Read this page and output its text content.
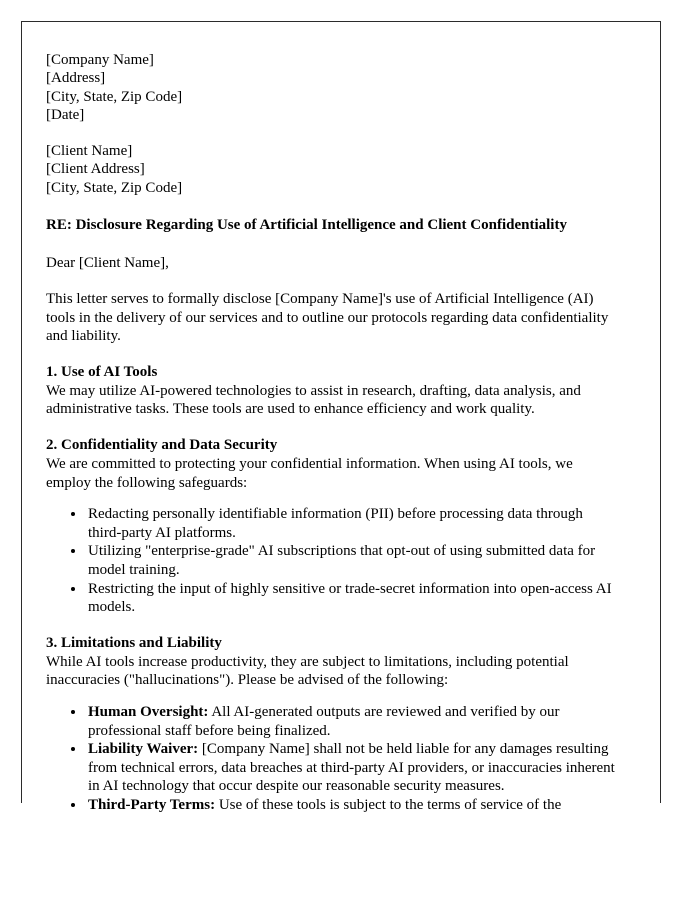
[Company Name]
[Address]
[City, State, Zip Code]
[Date]
[Client Name]
[Client Address]
[City, State, Zip Code]
RE: Disclosure Regarding Use of Artificial Intelligence and Client Confidentiality
Dear [Client Name],
This letter serves to formally disclose [Company Name]'s use of Artificial Intelligence (AI) tools in the delivery of our services and to outline our protocols regarding data confidentiality and liability.
1. Use of AI Tools
We may utilize AI-powered technologies to assist in research, drafting, data analysis, and administrative tasks. These tools are used to enhance efficiency and work quality.
2. Confidentiality and Data Security
We are committed to protecting your confidential information. When using AI tools, we employ the following safeguards:
• Redacting personally identifiable information (PII) before processing data through third-party AI platforms.
• Utilizing "enterprise-grade" AI subscriptions that opt-out of using submitted data for model training.
• Restricting the input of highly sensitive or trade-secret information into open-access AI models.
3. Limitations and Liability
While AI tools increase productivity, they are subject to limitations, including potential inaccuracies ("hallucinations"). Please be advised of the following:
• Human Oversight: All AI-generated outputs are reviewed and verified by our professional staff before being finalized.
• Liability Waiver: [Company Name] shall not be held liable for any damages resulting from technical errors, data breaches at third-party AI providers, or inaccuracies inherent in AI technology that occur despite our reasonable security measures.
• Third-Party Terms: Use of these tools is subject to the terms of service of the
